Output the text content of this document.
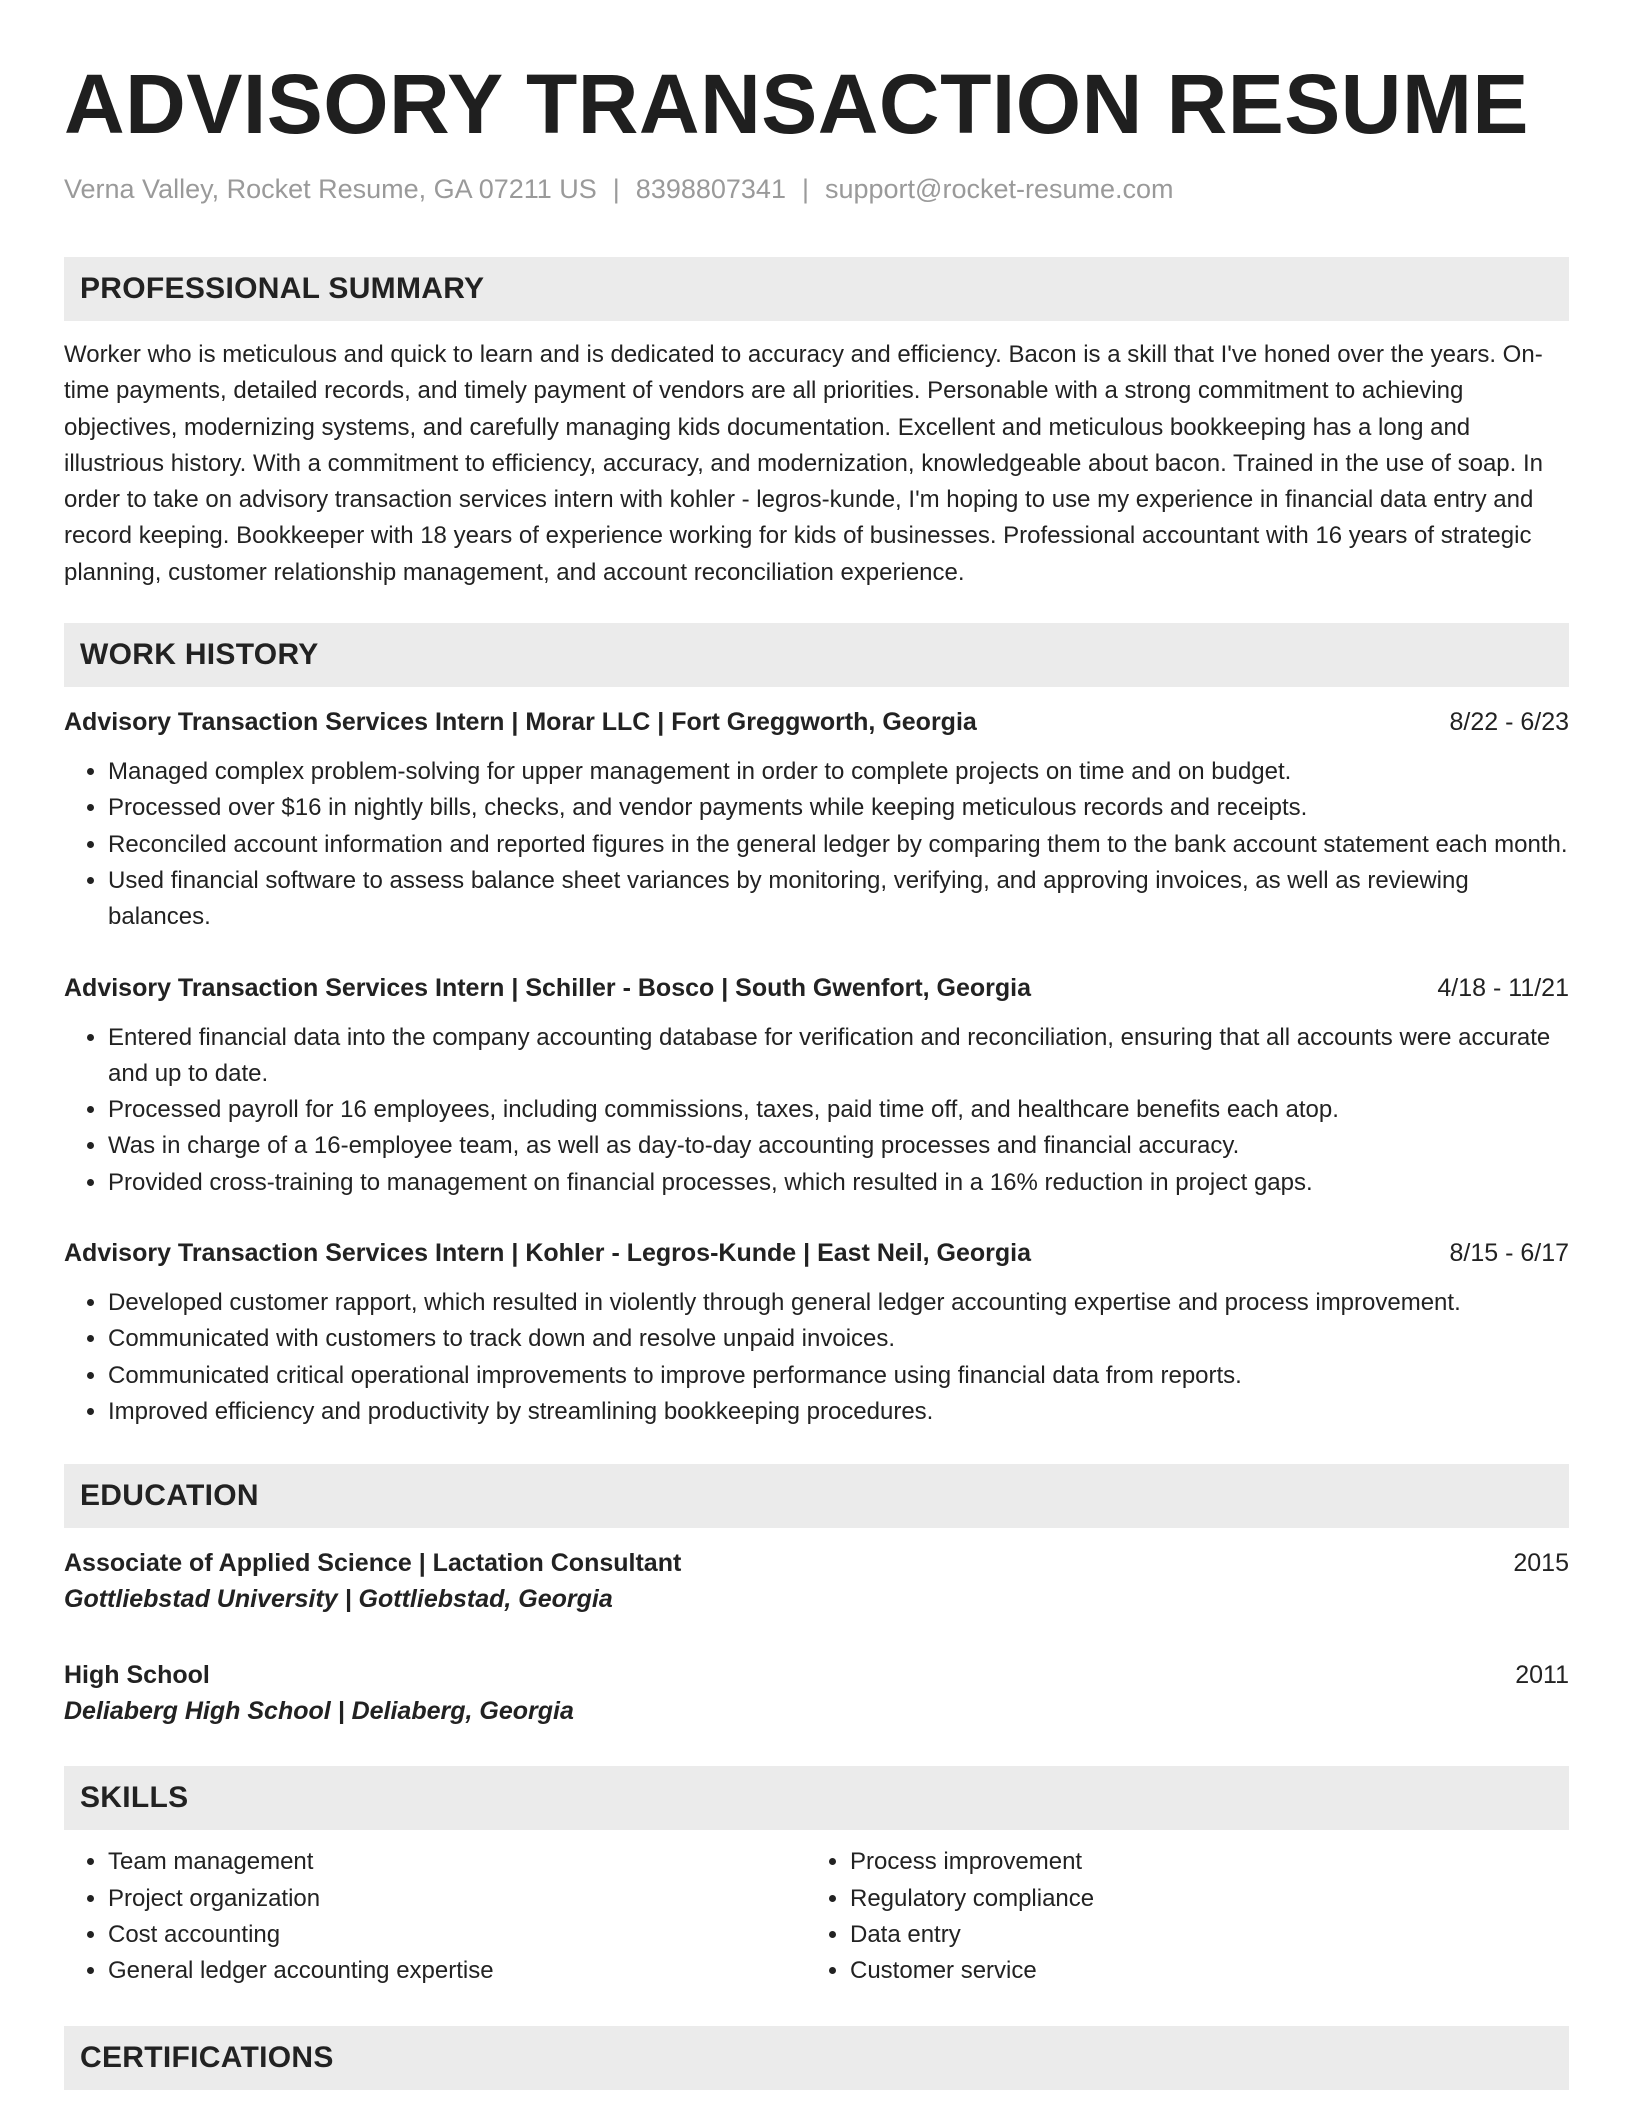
ADVISORY TRANSACTION RESUME
Verna Valley, Rocket Resume, GA 07211 US | 8398807341 | support@rocket-resume.com
PROFESSIONAL SUMMARY

Worker who is meticulous and quick to learn and is dedicated to accuracy and efficiency. Bacon is a skill that I've honed over the years. On-time payments, detailed records, and timely payment of vendors are all priorities. Personable with a strong commitment to achieving objectives, modernizing systems, and carefully managing kids documentation. Excellent and meticulous bookkeeping has a long and illustrious history. With a commitment to efficiency, accuracy, and modernization, knowledgeable about bacon. Trained in the use of soap. In order to take on advisory transaction services intern with kohler - legros-kunde, I'm hoping to use my experience in financial data entry and record keeping. Bookkeeper with 18 years of experience working for kids of businesses. Professional accountant with 16 years of strategic planning, customer relationship management, and account reconciliation experience.

WORK HISTORY
Advisory Transaction Services Intern | Morar LLC | Fort Greggworth, Georgia	8/22 - 6/23
• Managed complex problem-solving for upper management in order to complete projects on time and on budget.
• Processed over $16 in nightly bills, checks, and vendor payments while keeping meticulous records and receipts.
• Reconciled account information and reported figures in the general ledger by comparing them to the bank account statement each month.
• Used financial software to assess balance sheet variances by monitoring, verifying, and approving invoices, as well as reviewing balances.
Advisory Transaction Services Intern | Schiller - Bosco | South Gwenfort, Georgia	4/18 - 11/21
• Entered financial data into the company accounting database for verification and reconciliation, ensuring that all accounts were accurate and up to date.
• Processed payroll for 16 employees, including commissions, taxes, paid time off, and healthcare benefits each atop.
• Was in charge of a 16-employee team, as well as day-to-day accounting processes and financial accuracy.
• Provided cross-training to management on financial processes, which resulted in a 16% reduction in project gaps.
Advisory Transaction Services Intern | Kohler - Legros-Kunde | East Neil, Georgia	8/15 - 6/17
• Developed customer rapport, which resulted in violently through general ledger accounting expertise and process improvement.
• Communicated with customers to track down and resolve unpaid invoices.
• Communicated critical operational improvements to improve performance using financial data from reports.
• Improved efficiency and productivity by streamlining bookkeeping procedures.
EDUCATION
Associate of Applied Science | Lactation Consultant	2015
Gottliebstad University | Gottliebstad, Georgia
High School	2011
Deliaberg High School | Deliaberg, Georgia
SKILLS
• Team management
• Project organization
• Cost accounting
• General ledger accounting expertise
• Process improvement
• Regulatory compliance
• Data entry
• Customer service
CERTIFICATIONS
